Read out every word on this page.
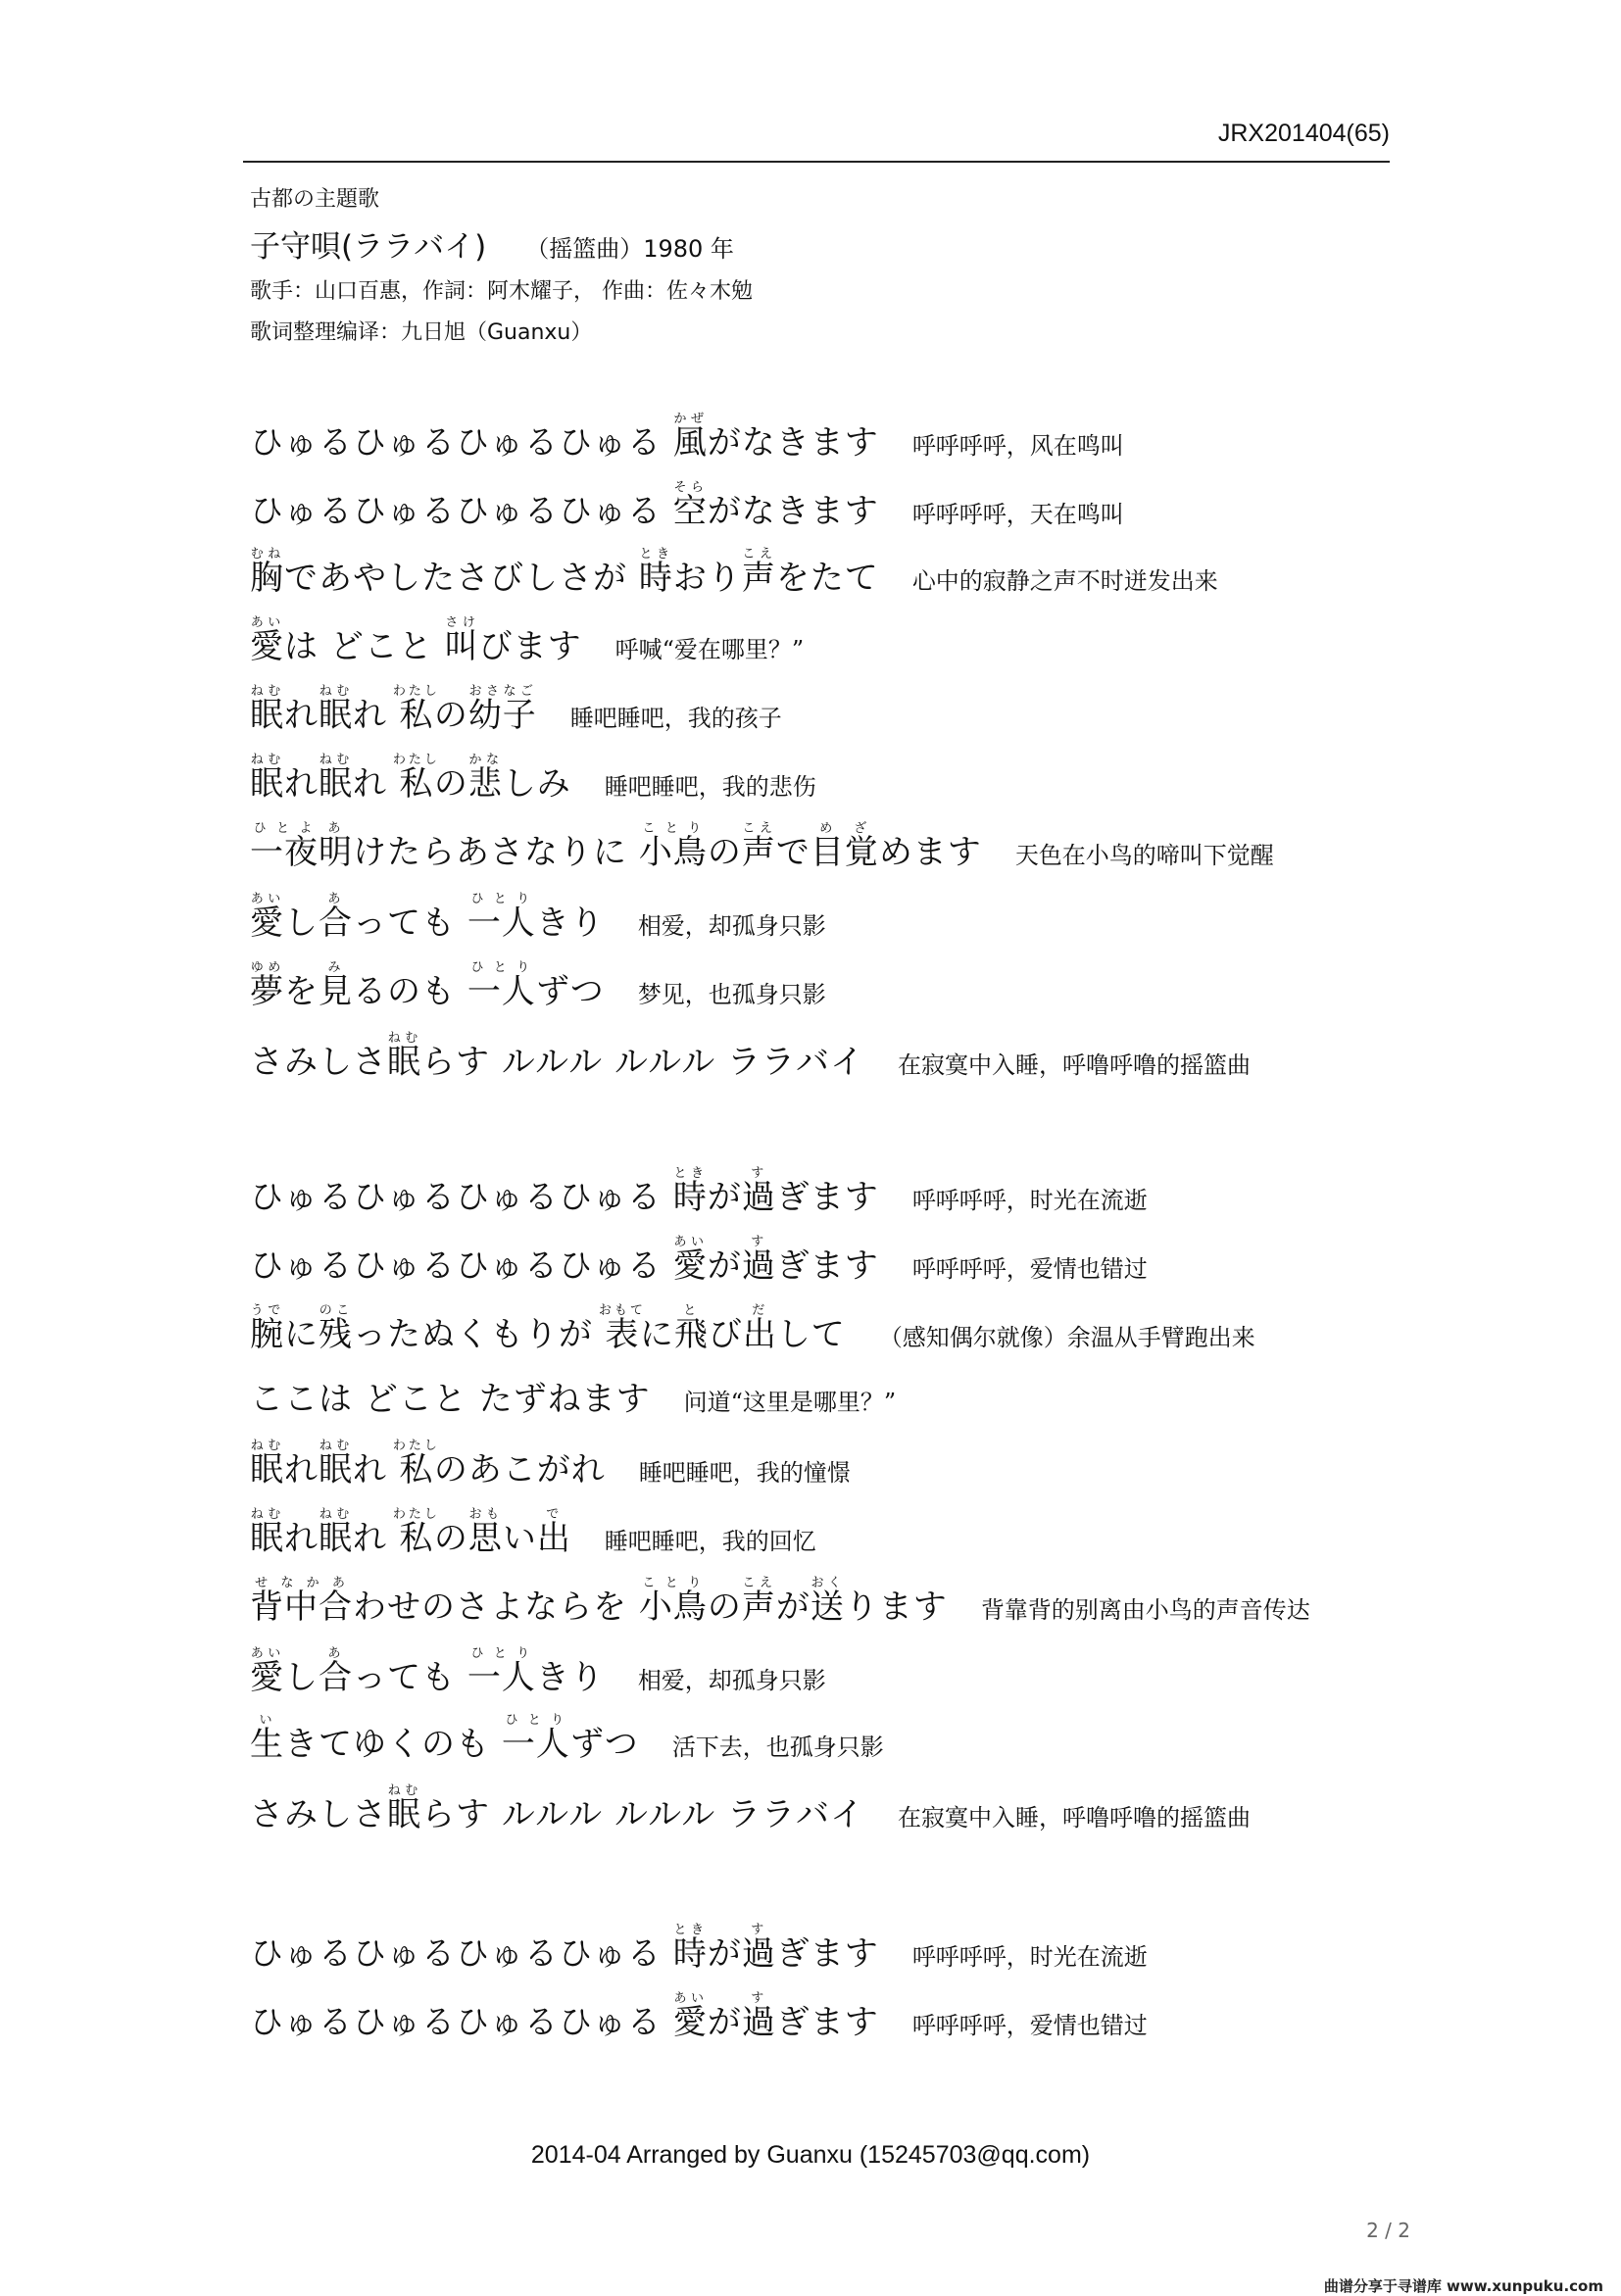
JRX201404(65)
古都の主題歌
子守唄(ララバイ) （摇篮曲）1980 年
歌手：山口百惠，作詞：阿木耀子， 作曲：佐々木勉
歌词整理编译：九日旭（Guanxu）
ひゅるひゅるひゅるひゅる 風かぜがなきます 呼呼呼呼，风在鸣叫
ひゅるひゅるひゅるひゅる 空そらがなきます 呼呼呼呼，天在鸣叫
胸むねであやしたさびしさが 時ときおり声こえをたて 心中的寂静之声不时迸发出来
愛あいは どこと 叫さけびます 呼喊“爱在哪里？”
眠ねむれ眠ねむれ 私わたしの幼子おさなご睡吧睡吧，我的孩子
眠ねむれ眠ねむれ 私わたしの悲かなしみ 睡吧睡吧，我的悲伤
一夜ひとよ明あけたらあさなりに 小鳥ことりの声こえで目覚めざめます 天色在小鸟的啼叫下觉醒
愛あいし合あっても 一人ひとりきり 相爱，却孤身只影
夢ゆめを見みるのも 一人ひとりずつ 梦见，也孤身只影
さみしさ眠ねむらす ルルル ルルル ララバイ 在寂寞中入睡，呼噜呼噜的摇篮曲
ひゅるひゅるひゅるひゅる 時ときが過すぎます 呼呼呼呼，时光在流逝
ひゅるひゅるひゅるひゅる 愛あいが過すぎます 呼呼呼呼，爱情也错过
腕うでに残のこったぬくもりが 表おもてに飛とび出だして （感知偶尔就像）余温从手臂跑出来
ここは どこと たずねます 问道“这里是哪里？”
眠ねむれ眠ねむれ 私わたしのあこがれ 睡吧睡吧，我的憧憬
眠ねむれ眠ねむれ 私わたしの思おもい出で睡吧睡吧，我的回忆
背中合せなかあわせのさよならを 小鳥ことりの声こえが送おくります 背靠背的别离由小鸟的声音传达
愛あいし合あっても 一人ひとりきり 相爱，却孤身只影
生いきてゆくのも 一人ひとりずつ 活下去，也孤身只影
さみしさ眠ねむらす ルルル ルルル ララバイ 在寂寞中入睡，呼噜呼噜的摇篮曲
ひゅるひゅるひゅるひゅる 時ときが過すぎます 呼呼呼呼，时光在流逝
ひゅるひゅるひゅるひゅる 愛あいが過すぎます 呼呼呼呼，爱情也错过
2014-04 Arranged by Guanxu (15245703@qq.com)
2 / 2
曲谱分享于寻谱库 www.xunpuku.com
